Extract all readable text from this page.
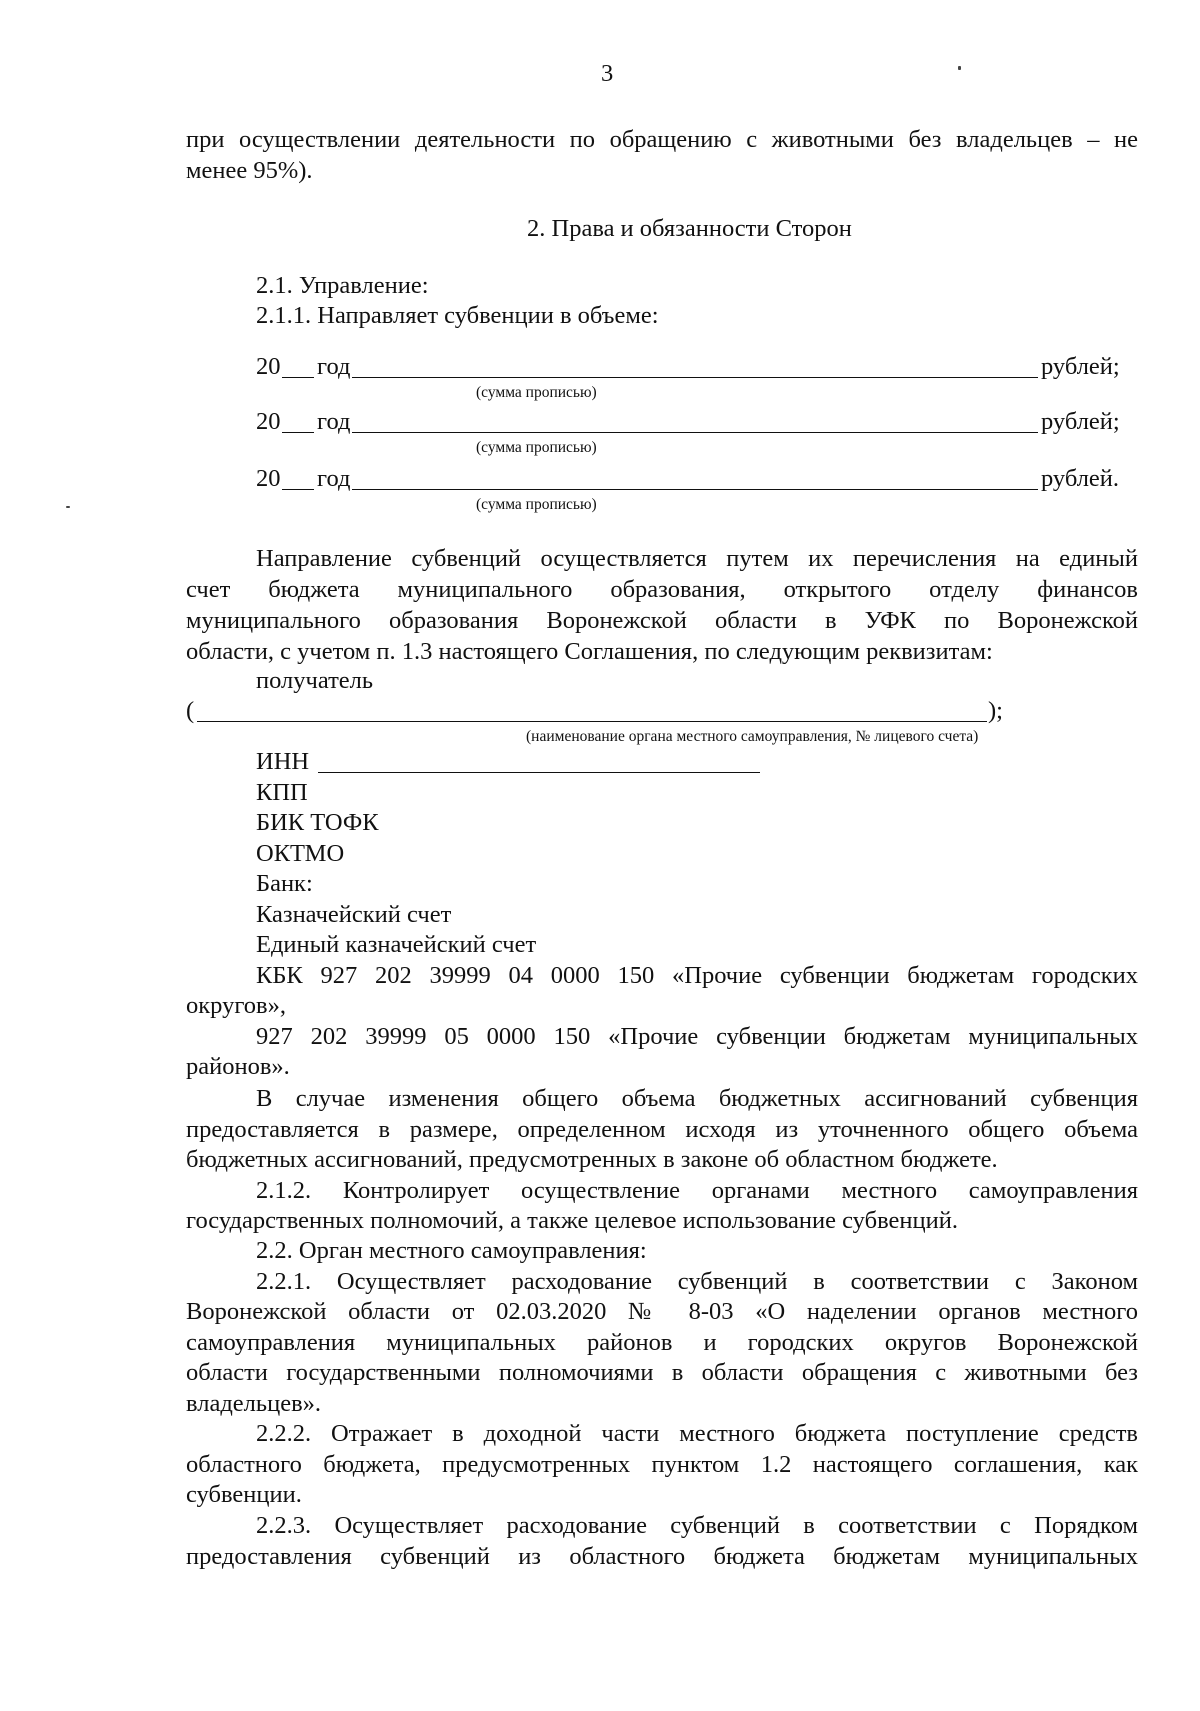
3
при осуществлении деятельности по обращению с животными без владельцев – не
менее 95%).
2. Права и обязанности Сторон
2.1. Управление:
2.1.1. Направляет субвенции в объеме:
20 год	рублей;
(сумма прописью)
20 год	рублей;
(сумма прописью)
20 год	рублей.
(сумма прописью)
Направление субвенций осуществляется путем их перечисления на единый
счет бюджета муниципального образования, открытого отделу финансов
муниципального образования Воронежской области в УФК по Воронежской
области, с учетом п. 1.3 настоящего Соглашения, по следующим реквизитам:
получатель
(	);
(наименование органа местного самоуправления, № лицевого счета)
ИНН
КПП
БИК ТОФК
ОКТМО
Банк:
Казначейский счет
Единый казначейский счет
КБК 927 202 39999 04 0000 150 «Прочие субвенции бюджетам городских
округов»,
927 202 39999 05 0000 150 «Прочие субвенции бюджетам муниципальных
районов».
В случае изменения общего объема бюджетных ассигнований субвенция
предоставляется в размере, определенном исходя из уточненного общего объема
бюджетных ассигнований, предусмотренных в законе об областном бюджете.
2.1.2. Контролирует осуществление органами местного самоуправления
государственных полномочий, а также целевое использование субвенций.
2.2. Орган местного самоуправления:
2.2.1. Осуществляет расходование субвенций в соответствии с Законом
Воронежской области от 02.03.2020 № 8-03 «О наделении органов местного
самоуправления муниципальных районов и городских округов Воронежской
области государственными полномочиями в области обращения с животными без
владельцев».
2.2.2. Отражает в доходной части местного бюджета поступление средств
областного бюджета, предусмотренных пунктом 1.2 настоящего соглашения, как
субвенции.
2.2.3. Осуществляет расходование субвенций в соответствии с Порядком
предоставления субвенций из областного бюджета бюджетам муниципальных
